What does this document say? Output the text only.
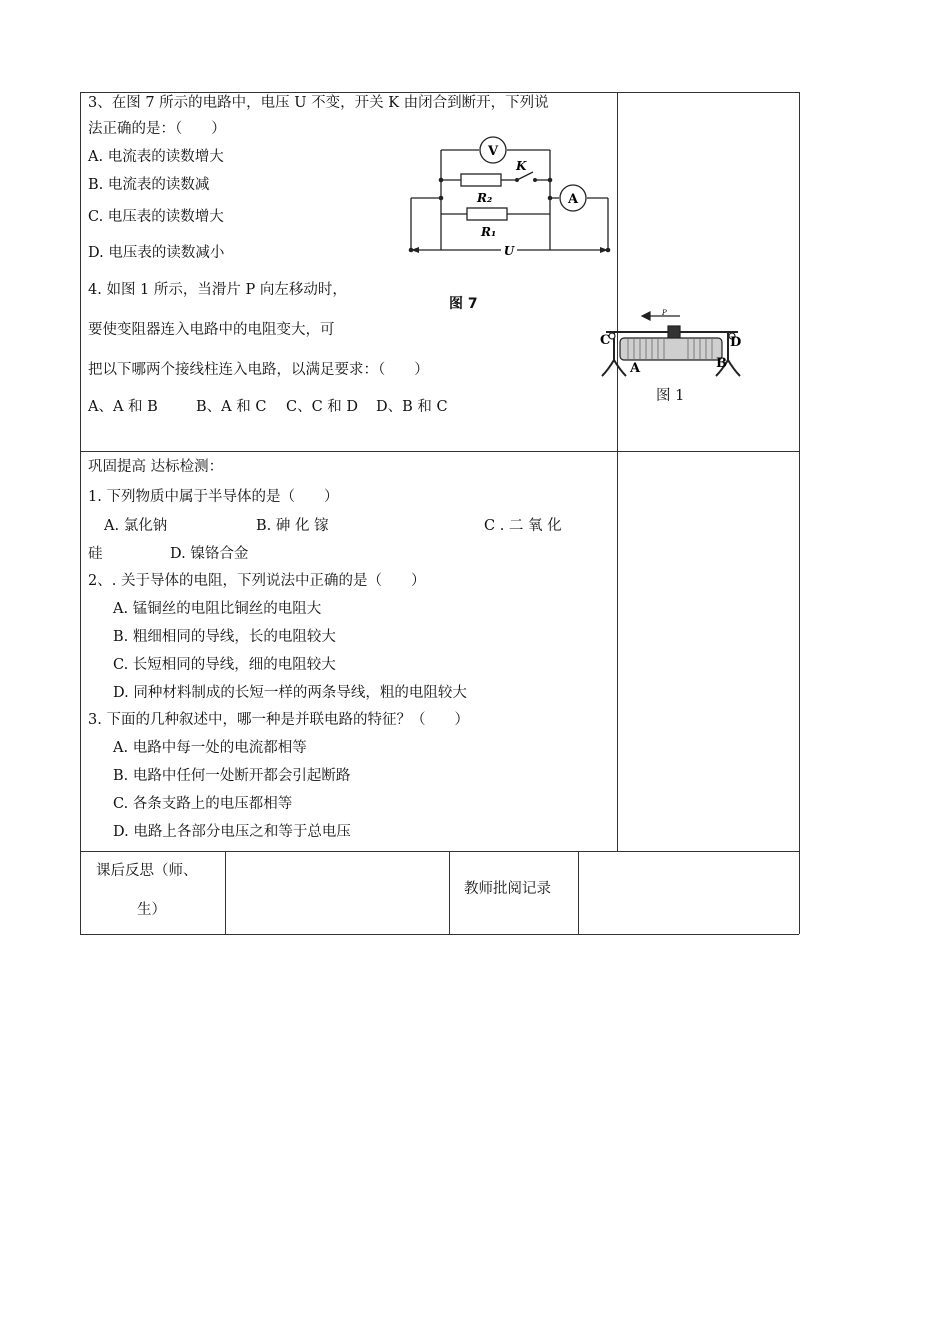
3、在图 7 所示的电路中，电压 U 不变，开关 K 由闭合到断开，下列说
法正确的是：（　　）
A. 电流表的读数增大
B. 电流表的读数减
C. 电压表的读数增大
D. 电压表的读数减小
4. 如图 1 所示，当滑片 P 向左移动时，
要使变阻器连入电路中的电阻变大，可
把以下哪两个接线柱连入电路，以满足要求：（　　）
A、A 和 B	B、A 和 C C、C 和 D D、B 和 C
V
A
K
R₂
R₁
U
图 7
P
C	D
A	B
图 1
巩固提高 达标检测：
1. 下列物质中属于半导体的是（　　）
A. 氯化钠	B. 砷 化 镓	C . 二 氧 化
硅	D. 镍铬合金
2、. 关于导体的电阻，下列说法中正确的是（　　）
A. 锰铜丝的电阻比铜丝的电阻大
B. 粗细相同的导线，长的电阻较大
C. 长短相同的导线，细的电阻较大
D. 同种材料制成的长短一样的两条导线，粗的电阻较大
3. 下面的几种叙述中，哪一种是并联电路的特征？（　　）
A. 电路中每一处的电流都相等
B. 电路中任何一处断开都会引起断路
C. 各条支路上的电压都相等
D. 电路上各部分电压之和等于总电压
课后反思（师、
生）
教师批阅记录
